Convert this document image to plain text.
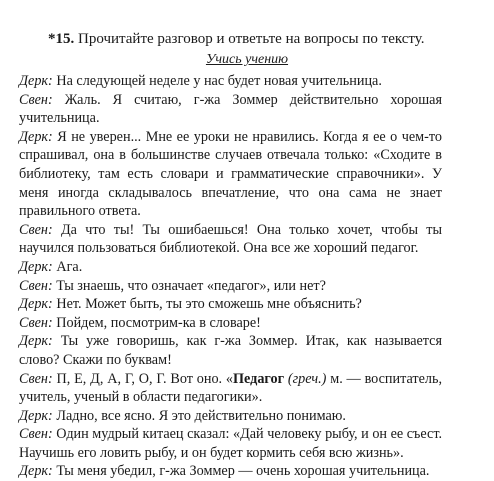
*15. Прочитайте разговор и ответьте на вопросы по тексту.
Учись учению

Дерк: На следующей неделе у нас будет новая учительница.

Свен: Жаль. Я считаю, г-жа Зоммер действительно хорошая учительница.

Дерк: Я не уверен... Мне ее уроки не нравились. Когда я ее о чем-то спрашивал, она в большинстве случаев отвечала только: «Сходите в библиотеку, там есть словари и грамматические справочники». У меня иногда складывалось впечатление, что она сама не знает правильного ответа.

Свен: Да что ты! Ты ошибаешься! Она только хочет, чтобы ты научился пользоваться библиотекой. Она все же хороший педагог.

Дерк: Ага.

Свен: Ты знаешь, что означает «педагог», или нет?

Дерк: Нет. Может быть, ты это сможешь мне объяснить?

Свен: Пойдем, посмотрим-ка в словаре!

Дерк: Ты уже говоришь, как г-жа Зоммер. Итак, как называется слово? Скажи по буквам!

Свен: П, Е, Д, А, Г, О, Г. Вот оно. «Педагог (греч.) м. — воспитатель, учитель, ученый в области педагогики».

Дерк: Ладно, все ясно. Я это действительно понимаю.

Свен: Один мудрый китаец сказал: «Дай человеку рыбу, и он ее съест. Научишь его ловить рыбу, и он будет кормить себя всю жизнь».

Дерк: Ты меня убедил, г-жа Зоммер — очень хорошая учительница.
